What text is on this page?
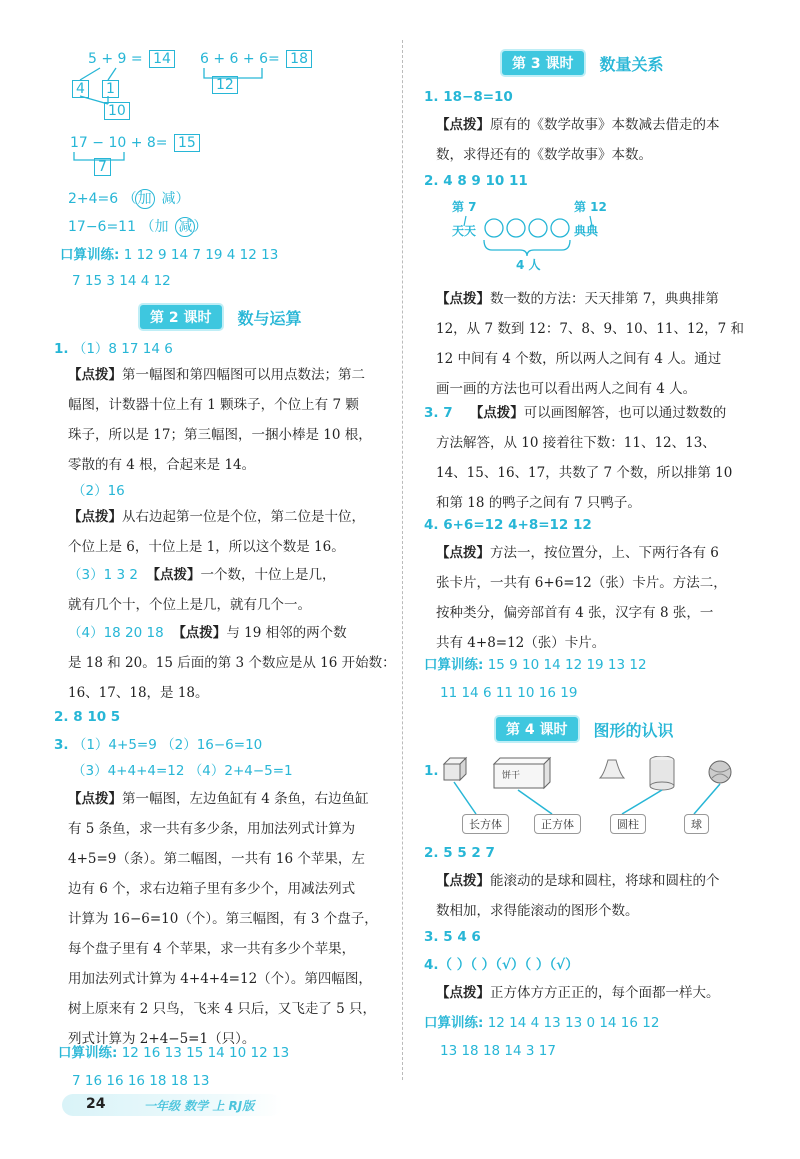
5 + 9 = 14
4	1
10
6 + 6 + 6= 18
12
17 − 10 + 8= 15
7
2+4=6 （加 减）
17−6=11 （加 减）
口算训练: 1 12 9 14 7 19 4 12 13
7 15 3 14 4 12
第 2 课时	数与运算
1. （1）8 17 14 6
【点拨】第一幅图和第四幅图可以用点数法；第二
幅图，计数器十位上有 1 颗珠子，个位上有 7 颗
珠子，所以是 17；第三幅图，一捆小棒是 10 根，
零散的有 4 根，合起来是 14。
（2）16
【点拨】从右边起第一位是个位，第二位是十位，
个位上是 6，十位上是 1，所以这个数是 16。
（3）1 3 2 【点拨】一个数，十位上是几，
就有几个十，个位上是几，就有几个一。
（4）18 20 18 【点拨】与 19 相邻的两个数
是 18 和 20。15 后面的第 3 个数应是从 16 开始数：
16、17、18，是 18。
2. 8 10 5
3. （1）4+5=9 （2）16−6=10
（3）4+4+4=12 （4）2+4−5=1
【点拨】第一幅图，左边鱼缸有 4 条鱼，右边鱼缸
有 5 条鱼，求一共有多少条，用加法列式计算为
4+5=9（条）。第二幅图，一共有 16 个苹果，左
边有 6 个，求右边箱子里有多少个，用减法列式
计算为 16−6=10（个）。第三幅图，有 3 个盘子，
每个盘子里有 4 个苹果，求一共有多少个苹果，
用加法列式计算为 4+4+4=12（个）。第四幅图，
树上原来有 2 只鸟，飞来 4 只后，又飞走了 5 只，
列式计算为 2+4−5=1（只）。
口算训练: 12 16 13 15 14 10 12 13
7 16 16 16 18 18 13
第 3 课时	数量关系
1. 18−8=10
【点拨】原有的《数学故事》本数减去借走的本
数，求得还有的《数学故事》本数。
2. 4 8 9 10 11
第 7	第 12
天天	典典
4 人
【点拨】数一数的方法：天天排第 7，典典排第
12，从 7 数到 12：7、8、9、10、11、12，7 和
12 中间有 4 个数，所以两人之间有 4 人。通过
画一画的方法也可以看出两人之间有 4 人。
3. 7 【点拨】可以画图解答，也可以通过数数的
方法解答，从 10 接着往下数：11、12、13、
14、15、16、17，共数了 7 个数，所以排第 10
和第 18 的鸭子之间有 7 只鸭子。
4. 6+6=12 4+8=12 12
【点拨】方法一，按位置分，上、下两行各有 6
张卡片，一共有 6+6=12（张）卡片。方法二，
按种类分，偏旁部首有 4 张，汉字有 8 张，一
共有 4+8=12（张）卡片。
口算训练: 15 9 10 14 12 19 13 12
11 14 6 11 10 16 19
第 4 课时	图形的认识
1.	饼干
长方体	正方体	圆柱	球
2. 5 5 2 7
【点拨】能滚动的是球和圆柱，将球和圆柱的个
数相加，求得能滚动的图形个数。
3. 5 4 6
4.（ ）（ ）（√）（ ）（√）
【点拨】正方体方方正正的，每个面都一样大。
口算训练: 12 14 4 13 13 0 14 16 12
13 18 18 14 3 17
24	一年级 数学 上 RJ版
